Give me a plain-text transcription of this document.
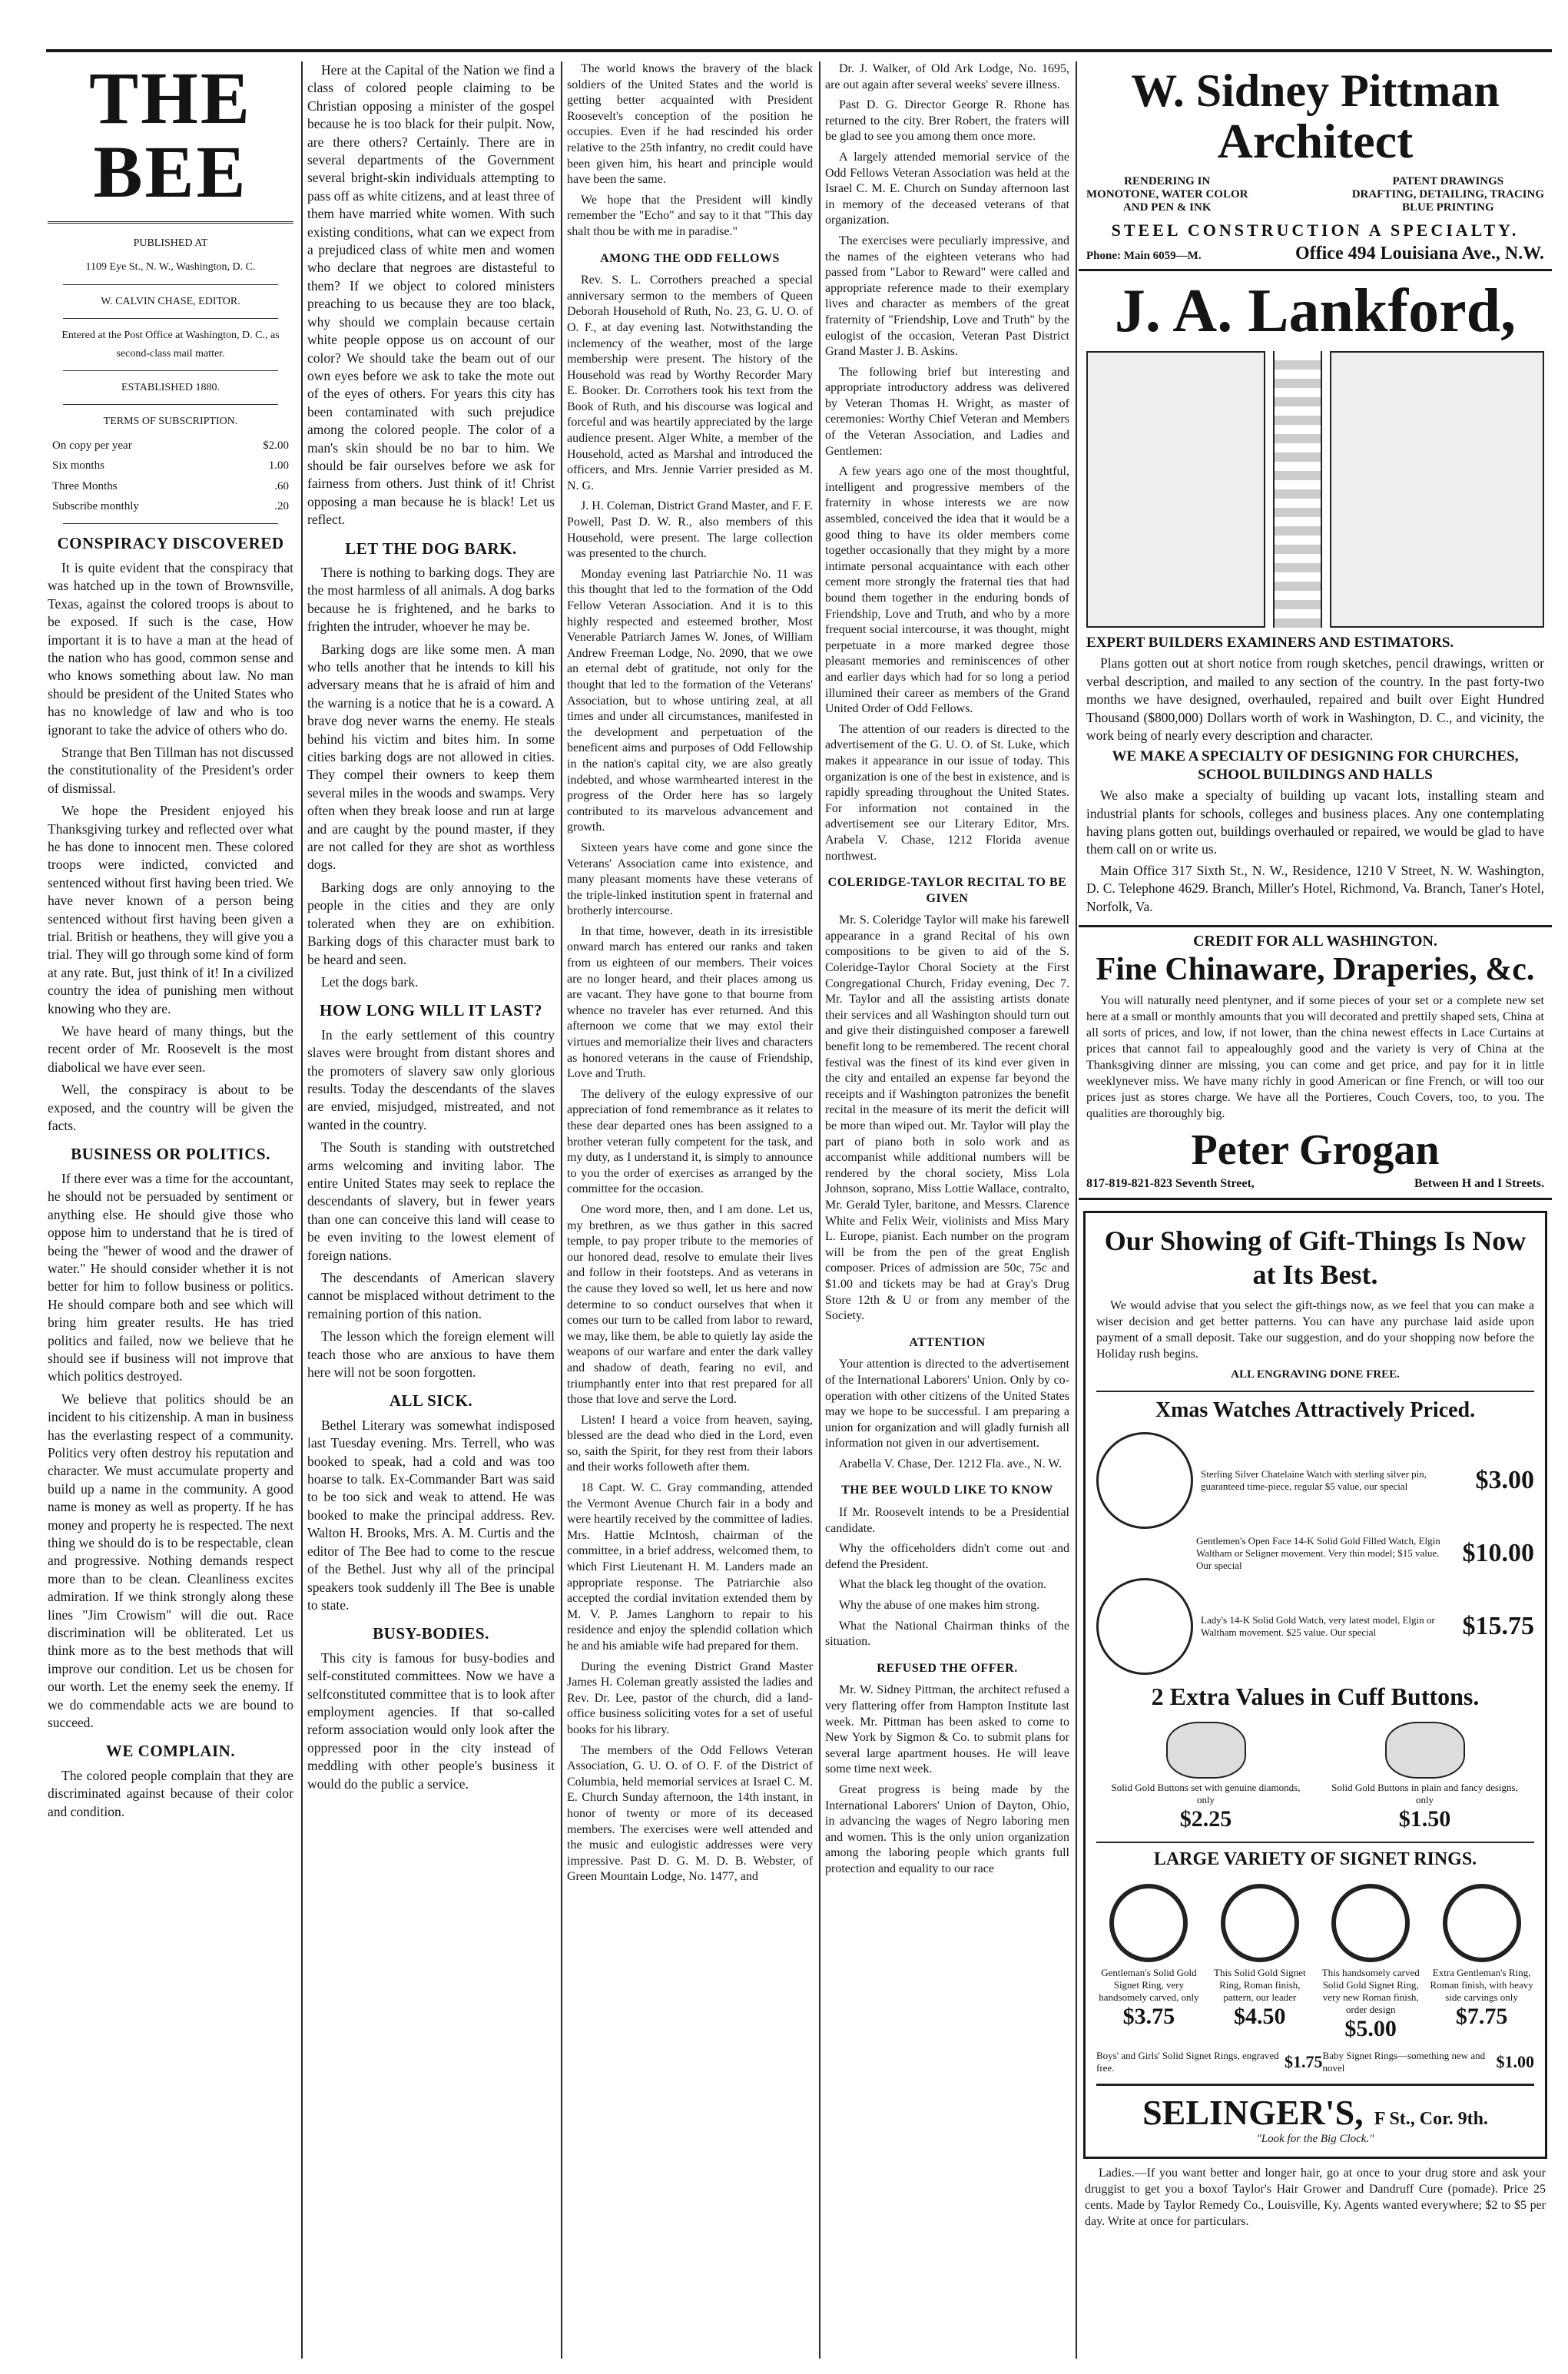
THE BEE
PUBLISHED AT
1109 Eye St., N. W., Washington, D. C.
W. CALVIN CHASE, EDITOR.
Entered at the Post Office at Washington, D. C., as second-class mail matter.
ESTABLISHED 1880.
TERMS OF SUBSCRIPTION.
On copy per year	$2.00
Six months	1.00
Three Months	.60
Subscribe monthly	.20
CONSPIRACY DISCOVERED

It is quite evident that the conspiracy that was hatched up in the town of Brownsville, Texas, against the colored troops is about to be exposed. If such is the case, How important it is to have a man at the head of the nation who has good, common sense and who knows something about law. No man should be president of the United States who has no knowledge of law and who is too ignorant to take the advice of others who do.

Strange that Ben Tillman has not discussed the constitutionality of the President's order of dismissal.

We hope the President enjoyed his Thanksgiving turkey and reflected over what he has done to innocent men. These colored troops were indicted, convicted and sentenced without first having been tried. We have never known of a person being sentenced without first having been given a trial. British or heathens, they will give you a trial. They will go through some kind of form at any rate. But, just think of it! In a civilized country the idea of punishing men without knowing who they are.

We have heard of many things, but the recent order of Mr. Roosevelt is the most diabolical we have ever seen.

Well, the conspiracy is about to be exposed, and the country will be given the facts.

BUSINESS OR POLITICS.

If there ever was a time for the accountant, he should not be persuaded by sentiment or anything else. He should give those who oppose him to understand that he is tired of being the "hewer of wood and the drawer of water." He should consider whether it is not better for him to follow business or politics. He should compare both and see which will bring him greater results. He has tried politics and failed, now we believe that he should see if business will not improve that which politics destroyed.

We believe that politics should be an incident to his citizenship. A man in business has the everlasting respect of a community. Politics very often destroy his reputation and character. We must accumulate property and build up a name in the community. A good name is money as well as property. If he has money and property he is respected. The next thing we should do is to be respectable, clean and progressive. Nothing demands respect more than to be clean. Cleanliness excites admiration. If we think strongly along these lines "Jim Crowism" will die out. Race discrimination will be obliterated. Let us think more as to the best methods that will improve our condition. Let us be chosen for our worth. Let the enemy seek the enemy. If we do commendable acts we are bound to succeed.

WE COMPLAIN.

The colored people complain that they are discriminated against because of their color and condition.

Here at the Capital of the Nation we find a class of colored people claiming to be Christian opposing a minister of the gospel because he is too black for their pulpit. Now, are there others? Certainly. There are in several departments of the Government several bright-skin individuals attempting to pass off as white citizens, and at least three of them have married white women. With such existing conditions, what can we expect from a prejudiced class of white men and women who declare that negroes are distasteful to them? If we object to colored ministers preaching to us because they are too black, why should we complain because certain white people oppose us on account of our color? We should take the beam out of our own eyes before we ask to take the mote out of the eyes of others. For years this city has been contaminated with such prejudice among the colored people. The color of a man's skin should be no bar to him. We should be fair ourselves before we ask for fairness from others. Just think of it! Christ opposing a man because he is black! Let us reflect.

LET THE DOG BARK.

There is nothing to barking dogs. They are the most harmless of all animals. A dog barks because he is frightened, and he barks to frighten the intruder, whoever he may be.

Barking dogs are like some men. A man who tells another that he intends to kill his adversary means that he is afraid of him and the warning is a notice that he is a coward. A brave dog never warns the enemy. He steals behind his victim and bites him. In some cities barking dogs are not allowed in cities. They compel their owners to keep them several miles in the woods and swamps. Very often when they break loose and run at large and are caught by the pound master, if they are not called for they are shot as worthless dogs.

Barking dogs are only annoying to the people in the cities and they are only tolerated when they are on exhibition. Barking dogs of this character must bark to be heard and seen.

Let the dogs bark.

HOW LONG WILL IT LAST?

In the early settlement of this country slaves were brought from distant shores and the promoters of slavery saw only glorious results. Today the descendants of the slaves are envied, misjudged, mistreated, and not wanted in the country.

The South is standing with outstretched arms welcoming and inviting labor. The entire United States may seek to replace the descendants of slavery, but in fewer years than one can conceive this land will cease to be even inviting to the lowest element of foreign nations.

The descendants of American slavery cannot be misplaced without detriment to the remaining portion of this nation.

The lesson which the foreign element will teach those who are anxious to have them here will not be soon forgotten.

ALL SICK.

Bethel Literary was somewhat indisposed last Tuesday evening. Mrs. Terrell, who was booked to speak, had a cold and was too hoarse to talk. Ex-Commander Bart was said to be too sick and weak to attend. He was booked to make the principal address. Rev. Walton H. Brooks, Mrs. A. M. Curtis and the editor of The Bee had to come to the rescue of the Bethel. Just why all of the principal speakers took suddenly ill The Bee is unable to state.

BUSY-BODIES.

This city is famous for busy-bodies and self-constituted committees. Now we have a selfconstituted committee that is to look after employment agencies. If that so-called reform association would only look after the oppressed poor in the city instead of meddling with other people's business it would do the public a service.

The world knows the bravery of the black soldiers of the United States and the world is getting better acquainted with President Roosevelt's conception of the position he occupies. Even if he had rescinded his order relative to the 25th infantry, no credit could have been given him, his heart and principle would have been the same.

We hope that the President will kindly remember the "Echo" and say to it that "This day shalt thou be with me in paradise."

AMONG THE ODD FELLOWS

Rev. S. L. Corrothers preached a special anniversary sermon to the members of Queen Deborah Household of Ruth, No. 23, G. U. O. of O. F., at day evening last. Notwithstanding the inclemency of the weather, most of the large membership were present. The history of the Household was read by Worthy Recorder Mary E. Booker. Dr. Corrothers took his text from the Book of Ruth, and his discourse was logical and forceful and was heartily appreciated by the large audience present. Alger White, a member of the Household, acted as Marshal and introduced the officers, and Mrs. Jennie Varrier presided as M. N. G.

J. H. Coleman, District Grand Master, and F. F. Powell, Past D. W. R., also members of this Household, were present. The large collection was presented to the church.

Monday evening last Patriarchie No. 11 was this thought that led to the formation of the Odd Fellow Veteran Association. And it is to this highly respected and esteemed brother, Most Venerable Patriarch James W. Jones, of William Andrew Freeman Lodge, No. 2090, that we owe an eternal debt of gratitude, not only for the thought that led to the formation of the Veterans' Association, but to whose untiring zeal, at all times and under all circumstances, manifested in the development and perpetuation of the beneficent aims and purposes of Odd Fellowship in the nation's capital city, we are also greatly indebted, and whose warmhearted interest in the progress of the Order here has so largely contributed to its marvelous advancement and growth.

Sixteen years have come and gone since the Veterans' Association came into existence, and many pleasant moments have these veterans of the triple-linked institution spent in fraternal and brotherly intercourse.

In that time, however, death in its irresistible onward march has entered our ranks and taken from us eighteen of our members. Their voices are no longer heard, and their places among us are vacant. They have gone to that bourne from whence no traveler has ever returned. And this afternoon we come that we may extol their virtues and memorialize their lives and characters as honored veterans in the cause of Friendship, Love and Truth.

The delivery of the eulogy expressive of our appreciation of fond remembrance as it relates to these dear departed ones has been assigned to a brother veteran fully competent for the task, and my duty, as I understand it, is simply to announce to you the order of exercises as arranged by the committee for the occasion.

One word more, then, and I am done. Let us, my brethren, as we thus gather in this sacred temple, to pay proper tribute to the memories of our honored dead, resolve to emulate their lives and follow in their footsteps. And as veterans in the cause they loved so well, let us here and now determine to so conduct ourselves that when it comes our turn to be called from labor to reward, we may, like them, be able to quietly lay aside the weapons of our warfare and enter the dark valley and shadow of death, fearing no evil, and triumphantly enter into that rest prepared for all those that love and serve the Lord.

Listen! I heard a voice from heaven, saying, blessed are the dead who died in the Lord, even so, saith the Spirit, for they rest from their labors and their works followeth after them.

18 Capt. W. C. Gray commanding, attended the Vermont Avenue Church fair in a body and were heartily received by the committee of ladies. Mrs. Hattie McIntosh, chairman of the committee, in a brief address, welcomed them, to which First Lieutenant H. M. Landers made an appropriate response. The Patriarchie also accepted the cordial invitation extended them by M. V. P. James Langhorn to repair to his residence and enjoy the splendid collation which he and his amiable wife had prepared for them.

During the evening District Grand Master James H. Coleman greatly assisted the ladies and Rev. Dr. Lee, pastor of the church, did a land-office business soliciting votes for a set of useful books for his library.

The members of the Odd Fellows Veteran Association, G. U. O. of O. F. of the District of Columbia, held memorial services at Israel C. M. E. Church Sunday afternoon, the 14th instant, in honor of twenty or more of its deceased members. The exercises were well attended and the music and eulogistic addresses were very impressive. Past D. G. M. D. B. Webster, of Green Mountain Lodge, No. 1477, and

Dr. J. Walker, of Old Ark Lodge, No. 1695, are out again after several weeks' severe illness.

Past D. G. Director George R. Rhone has returned to the city. Brer Robert, the fraters will be glad to see you among them once more.

A largely attended memorial service of the Odd Fellows Veteran Association was held at the Israel C. M. E. Church on Sunday afternoon last in memory of the deceased veterans of that organization.

The exercises were peculiarly impressive, and the names of the eighteen veterans who had passed from "Labor to Reward" were called and appropriate reference made to their exemplary lives and character as members of the great fraternity of "Friendship, Love and Truth" by the eulogist of the occasion, Veteran Past District Grand Master J. B. Askins.

The following brief but interesting and appropriate introductory address was delivered by Veteran Thomas H. Wright, as master of ceremonies: Worthy Chief Veteran and Members of the Veteran Association, and Ladies and Gentlemen:

A few years ago one of the most thoughtful, intelligent and progressive members of the fraternity in whose interests we are now assembled, conceived the idea that it would be a good thing to have its older members come together occasionally that they might by a more intimate personal acquaintance with each other cement more strongly the fraternal ties that had bound them together in the enduring bonds of Friendship, Love and Truth, and who by a more frequent social intercourse, it was thought, might perpetuate in a more marked degree those pleasant memories and reminiscences of other and earlier days which had for so long a period illumined their career as members of the Grand United Order of Odd Fellows.

The attention of our readers is directed to the advertisement of the G. U. O. of St. Luke, which makes it appearance in our issue of today. This organization is one of the best in existence, and is rapidly spreading throughout the United States. For information not contained in the advertisement see our Literary Editor, Mrs. Arabela V. Chase, 1212 Florida avenue northwest.

COLERIDGE-TAYLOR RECITAL TO BE GIVEN

Mr. S. Coleridge Taylor will make his farewell appearance in a grand Recital of his own compositions to be given to aid of the S. Coleridge-Taylor Choral Society at the First Congregational Church, Friday evening, Dec 7. Mr. Taylor and all the assisting artists donate their services and all Washington should turn out and give their distinguished composer a farewell benefit long to be remembered. The recent choral festival was the finest of its kind ever given in the city and entailed an expense far beyond the receipts and if Washington patronizes the benefit recital in the measure of its merit the deficit will be more than wiped out. Mr. Taylor will play the part of piano both in solo work and as accompanist while additional numbers will be rendered by the choral society, Miss Lola Johnson, soprano, Miss Lottie Wallace, contralto, Mr. Gerald Tyler, baritone, and Messrs. Clarence White and Felix Weir, violinists and Miss Mary L. Europe, pianist. Each number on the program will be from the pen of the great English composer. Prices of admission are 50c, 75c and $1.00 and tickets may be had at Gray's Drug Store 12th & U or from any member of the Society.

ATTENTION

Your attention is directed to the advertisement of the International Laborers' Union. Only by co-operation with other citizens of the United States may we hope to be successful. I am preparing a union for organization and will gladly furnish all information not given in our advertisement.

Arabella V. Chase, Der. 1212 Fla. ave., N. W.

THE BEE WOULD LIKE TO KNOW

If Mr. Roosevelt intends to be a Presidential candidate.

Why the officeholders didn't come out and defend the President.

What the black leg thought of the ovation.

Why the abuse of one makes him strong.

What the National Chairman thinks of the situation.

REFUSED THE OFFER.

Mr. W. Sidney Pittman, the architect refused a very flattering offer from Hampton Institute last week. Mr. Pittman has been asked to come to New York by Sigmon & Co. to submit plans for several large apartment houses. He will leave some time next week.

Great progress is being made by the International Laborers' Union of Dayton, Ohio, in advancing the wages of Negro laboring men and women. This is the only union organization among the laboring people which grants full protection and equality to our race

W. Sidney Pittman
Architect
RENDERING IN
MONOTONE, WATER COLOR
AND PEN & INK
PATENT DRAWINGS
DRAFTING, DETAILING, TRACING
BLUE PRINTING
STEEL CONSTRUCTION A SPECIALTY.
Phone: Main 6059—M.	Office 494 Louisiana Ave., N.W.
J. A. Lankford,
EXPERT BUILDERS EXAMINERS AND ESTIMATORS.

Plans gotten out at short notice from rough sketches, pencil drawings, written or verbal description, and mailed to any section of the country. In the past forty-two months we have designed, overhauled, repaired and built over Eight Hundred Thousand ($800,000) Dollars worth of work in Washington, D. C., and vicinity, the work being of nearly every description and character.

WE MAKE A SPECIALTY OF DESIGNING FOR CHURCHES, SCHOOL BUILDINGS AND HALLS

We also make a specialty of building up vacant lots, installing steam and industrial plants for schools, colleges and business places. Any one contemplating having plans gotten out, buildings overhauled or repaired, we would be glad to have them call on or write us.

Main Office 317 Sixth St., N. W., Residence, 1210 V Street, N. W. Washington, D. C. Telephone 4629. Branch, Miller's Hotel, Richmond, Va. Branch, Taner's Hotel, Norfolk, Va.

CREDIT FOR ALL WASHINGTON.
Fine Chinaware, Draperies, &c.

You will naturally need plentyner, and if some pieces of your set or a complete new set here at a small or monthly amounts that you will decorated and prettily shaped sets, China at all sorts of prices, and low, if not lower, than the china newest effects in Lace Curtains at prices that cannot fail to appealoughly good and the variety is very of China at the Thanksgiving dinner are missing, you can come and get price, and pay for it in little weeklynever miss. We have many richly in good American or fine French, or will too our prices just as stores charge. We have all the Portieres, Couch Covers, too, to you. The qualities are thoroughly big.

Peter Grogan
817-819-821-823 Seventh Street,	Between H and I Streets.
Our Showing of Gift-Things Is Now at Its Best.

We would advise that you select the gift-things now, as we feel that you can make a wiser decision and get better patterns. You can have any purchase laid aside upon payment of a small deposit. Take our suggestion, and do your shopping now before the Holiday rush begins.

ALL ENGRAVING DONE FREE.
Xmas Watches Attractively Priced.
Sterling Silver Chatelaine Watch with sterling silver pin, guaranteed time-piece, regular $5 value, our special	$3.00
Gentlemen's Open Face 14-K Solid Gold Filled Watch, Elgin Waltham or Seligner movement. Very thin model; $15 value. Our special	$10.00
Lady's 14-K Solid Gold Watch, very latest model, Elgin or Waltham movement. $25 value. Our special	$15.75
2 Extra Values in Cuff Buttons.
Solid Gold Buttons set with genuine diamonds, only
$2.25
Solid Gold Buttons in plain and fancy designs, only
$1.50
LARGE VARIETY OF SIGNET RINGS.
Gentleman's Solid Gold Signet Ring, very handsomely carved, only
$3.75
This Solid Gold Signet Ring, Roman finish, pattern, our leader
$4.50
This handsomely carved Solid Gold Signet Ring, very new Roman finish, order design
$5.00
Extra Gentleman's Ring, Roman finish, with heavy side carvings only
$7.75
Boys' and Girls' Solid Signet Rings, engraved free.	$1.75 Baby Signet Rings—something new and novel	$1.00
SELINGER'S, F St., Cor. 9th.
"Look for the Big Clock."

Ladies.—If you want better and longer hair, go at once to your drug store and ask your druggist to get you a boxof Taylor's Hair Grower and Dandruff Cure (pomade). Price 25 cents. Made by Taylor Remedy Co., Louisville, Ky. Agents wanted everywhere; $2 to $5 per day. Write at once for particulars.
